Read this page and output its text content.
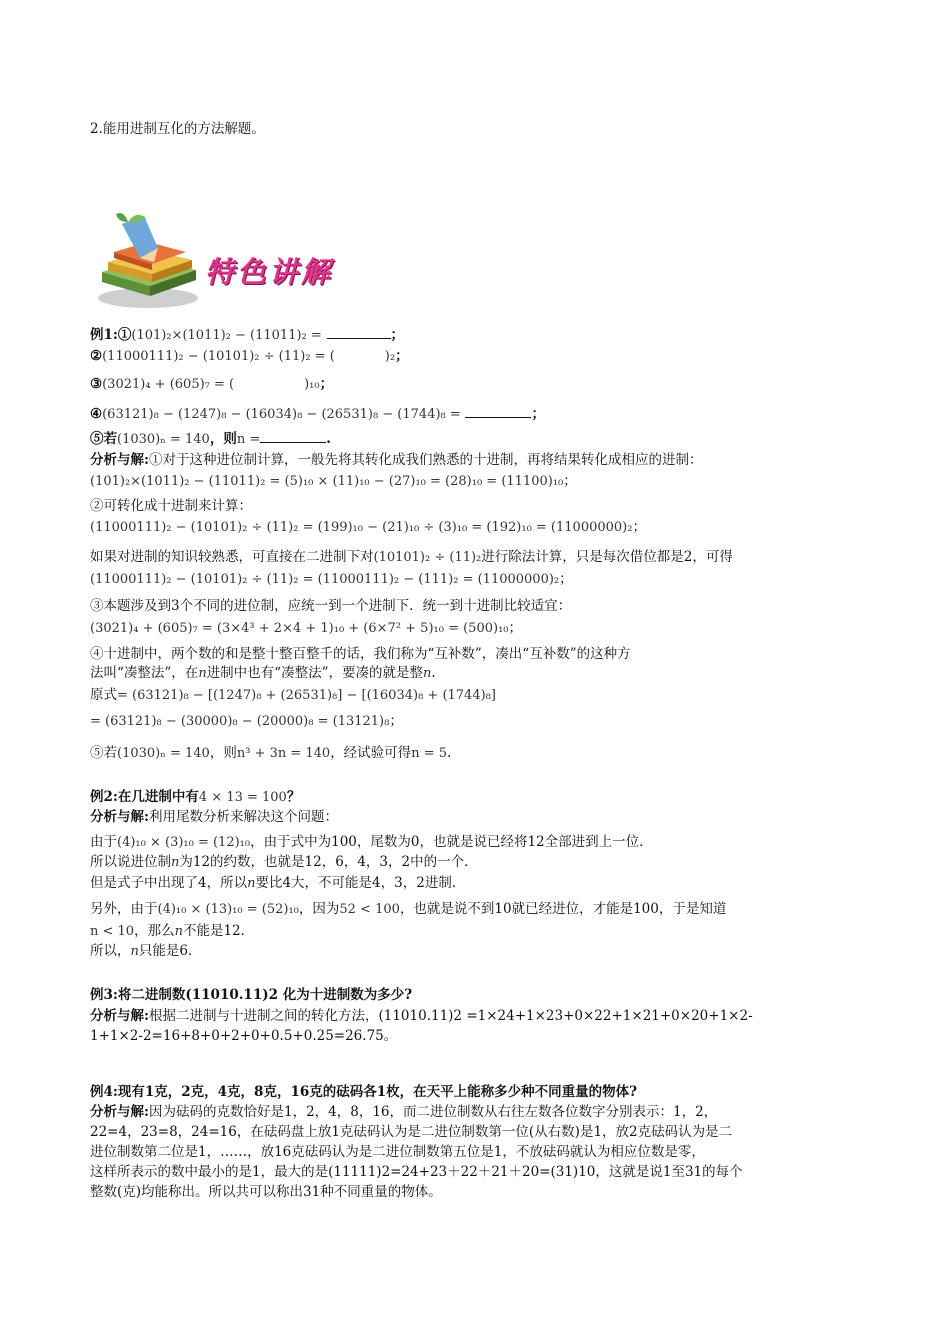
2.能用进制互化的方法解题。
特色讲解
例1:①(101)₂×(1011)₂ − (11011)₂ =	；
②(11000111)₂ − (10101)₂ ÷ (11)₂ = (	)₂；
③(3021)₄ + (605)₇ = (	)₁₀；
④(63121)₈ − (1247)₈ − (16034)₈ − (26531)₈ − (1744)₈ =	；
⑤若(1030)ₙ = 140，则n =	.
分析与解:①对于这种进位制计算，一般先将其转化成我们熟悉的十进制，再将结果转化成相应的进制：
(101)₂×(1011)₂ − (11011)₂ = (5)₁₀ × (11)₁₀ − (27)₁₀ = (28)₁₀ = (11100)₁₀；
②可转化成十进制来计算：
(11000111)₂ − (10101)₂ ÷ (11)₂ = (199)₁₀ − (21)₁₀ ÷ (3)₁₀ = (192)₁₀ = (11000000)₂；
如果对进制的知识较熟悉，可直接在二进制下对(10101)₂ ÷ (11)₂进行除法计算，只是每次借位都是2，可得
(11000111)₂ − (10101)₂ ÷ (11)₂ = (11000111)₂ − (111)₂ = (11000000)₂；
③本题涉及到3个不同的进位制，应统一到一个进制下．统一到十进制比较适宜：
(3021)₄ + (605)₇ = (3×4³ + 2×4 + 1)₁₀ + (6×7² + 5)₁₀ = (500)₁₀；
④十进制中，两个数的和是整十整百整千的话，我们称为“互补数”，凑出“互补数”的这种方
法叫“凑整法”，在n进制中也有“凑整法”，要凑的就是整n.
原式= (63121)₈ − [(1247)₈ + (26531)₈] − [(16034)₈ + (1744)₈]
= (63121)₈ − (30000)₈ − (20000)₈ = (13121)₈；
⑤若(1030)ₙ = 140，则n³ + 3n = 140，经试验可得n = 5.
例2:在几进制中有4 × 13 = 100？
分析与解:利用尾数分析来解决这个问题：
由于(4)₁₀ × (3)₁₀ = (12)₁₀，由于式中为100，尾数为0，也就是说已经将12全部进到上一位．
所以说进位制n为12的约数，也就是12，6，4，3，2中的一个．
但是式子中出现了4，所以n要比4大，不可能是4，3，2进制．
另外，由于(4)₁₀ × (13)₁₀ = (52)₁₀，因为52 < 100，也就是说不到10就已经进位，才能是100，于是知道
n < 10，那么n不能是12．
所以，n只能是6．
例3:将二进制数(11010.11)2 化为十进制数为多少?
分析与解:根据二进制与十进制之间的转化方法，(11010.11)2 =1×24+1×23+0×22+1×21+0×20+1×2-
1+1×2-2=16+8+0+2+0+0.5+0.25=26.75。
例4:现有1克，2克，4克，8克，16克的砝码各1枚，在天平上能称多少种不同重量的物体?
分析与解:因为砝码的克数恰好是1，2，4，8，16，而二进位制数从右往左数各位数字分别表示：1，2，
22=4，23=8，24=16，在砝码盘上放1克砝码认为是二进位制数第一位(从右数)是1，放2克砝码认为是二
进位制数第二位是1，……，放16克砝码认为是二进位制数第五位是1，不放砝码就认为相应位数是零，
这样所表示的数中最小的是1，最大的是(11111)2=24+23＋22＋21＋20=(31)10，这就是说1至31的每个
整数(克)均能称出。所以共可以称出31种不同重量的物体。
